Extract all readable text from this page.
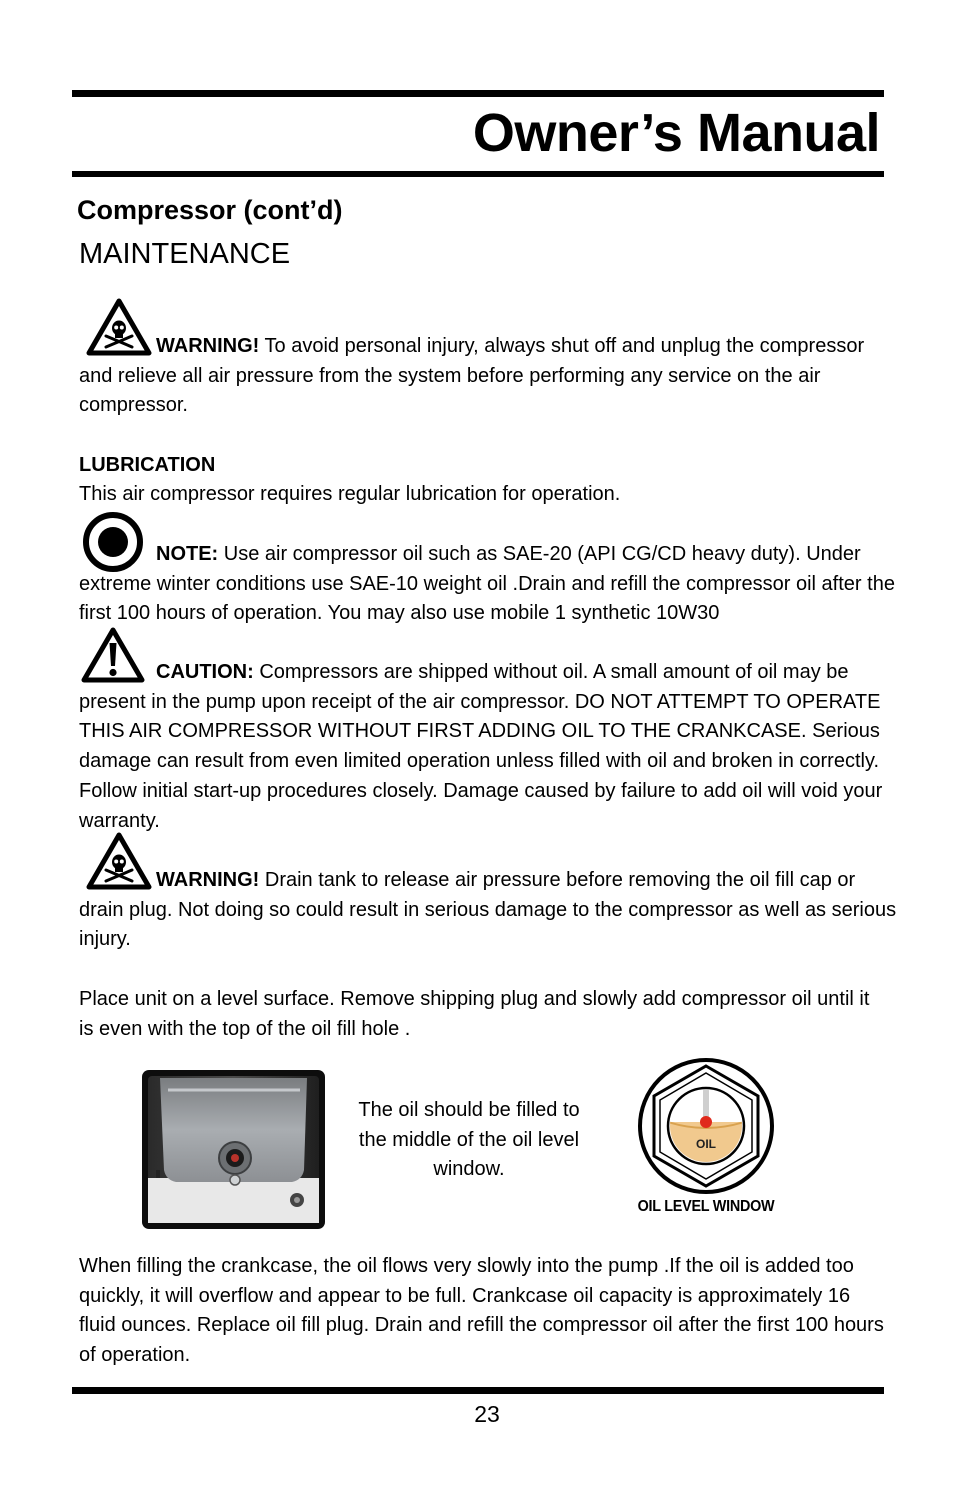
Owner’s Manual
Compressor (cont’d)
MAINTENANCE
WARNING! To avoid personal injury, always shut off and unplug the compressor and relieve all air pressure from the system before performing any service on the air compressor.
LUBRICATION
This air compressor requires regular lubrication for operation.
NOTE: Use air compressor oil such as SAE-20 (API CG/CD heavy duty). Under extreme winter conditions use SAE-10 weight oil .Drain and refill the compressor oil after the first 100 hours of operation. You may also use mobile 1 synthetic 10W30
CAUTION: Compressors are shipped without oil. A small amount of oil may be present in the pump upon receipt of the air compressor. DO NOT ATTEMPT TO OPERATE THIS AIR COMPRESSOR WITHOUT FIRST ADDING OIL TO THE CRANKCASE. Serious damage can result from even limited operation unless filled with oil and broken in correctly. Follow initial start-up procedures closely. Damage caused by failure to add oil will void your warranty.
WARNING! Drain tank to release air pressure before removing the oil fill cap or drain plug. Not doing so could result in serious damage to the compressor as well as serious injury.
Place unit on a level surface. Remove shipping plug and slowly add compressor oil until it is even with the top of the oil fill hole .
The oil should be filled to the middle of the oil level window.
OIL
OIL LEVEL WINDOW
When filling the crankcase, the oil flows very slowly into the pump .If the oil is added too quickly, it will overflow and appear to be full. Crankcase oil capacity is approximately 16 fluid ounces. Replace oil fill plug. Drain and refill the compressor oil after the first 100 hours of operation.
23
